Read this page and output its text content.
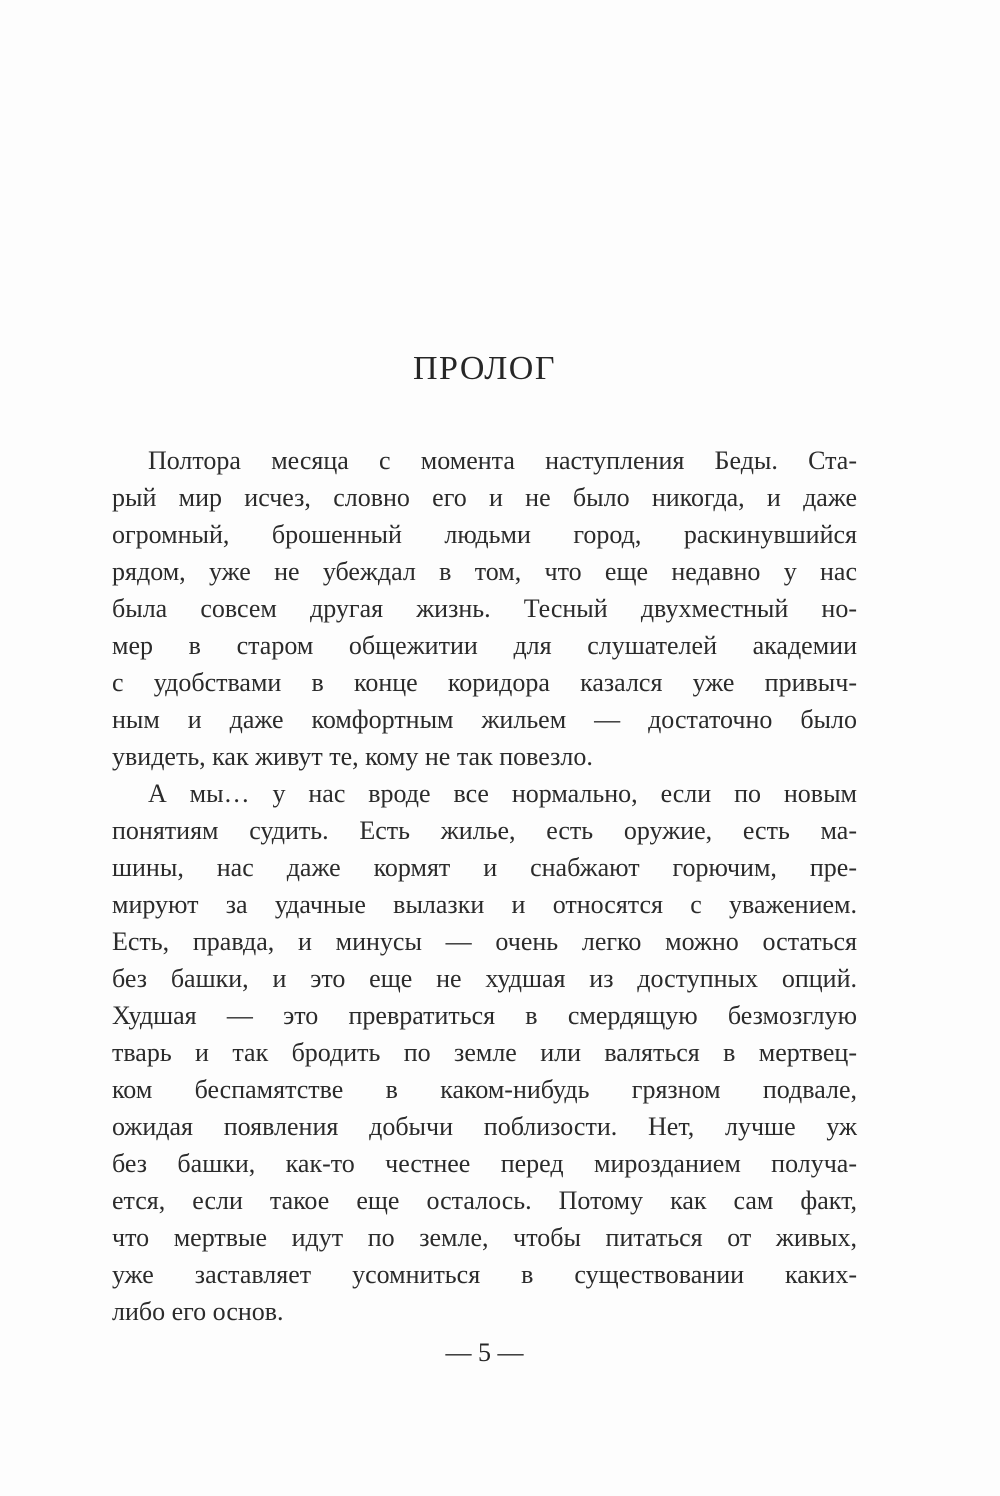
ПРОЛОГ
Полтора месяца с момента наступления Беды. Ста-
рый мир исчез, словно его и не было никогда, и даже
огромный, брошенный людьми город, раскинувшийся
рядом, уже не убеждал в том, что еще недавно у нас
была совсем другая жизнь. Тесный двухместный но-
мер в старом общежитии для слушателей академии
с удобствами в конце коридора казался уже привыч-
ным и даже комфортным жильем — достаточно было
увидеть, как живут те, кому не так повезло.
А мы… у нас вроде все нормально, если по новым
понятиям судить. Есть жилье, есть оружие, есть ма-
шины, нас даже кормят и снабжают горючим, пре-
мируют за удачные вылазки и относятся с уважением.
Есть, правда, и минусы — очень легко можно остаться
без башки, и это еще не худшая из доступных опций.
Худшая — это превратиться в смердящую безмозглую
тварь и так бродить по земле или валяться в мертвец-
ком беспамятстве в каком-нибудь грязном подвале,
ожидая появления добычи поблизости. Нет, лучше уж
без башки, как-то честнее перед мирозданием получа-
ется, если такое еще осталось. Потому как сам факт,
что мертвые идут по земле, чтобы питаться от живых,
уже заставляет усомниться в существовании каких-
либо его основ.
— 5 —
